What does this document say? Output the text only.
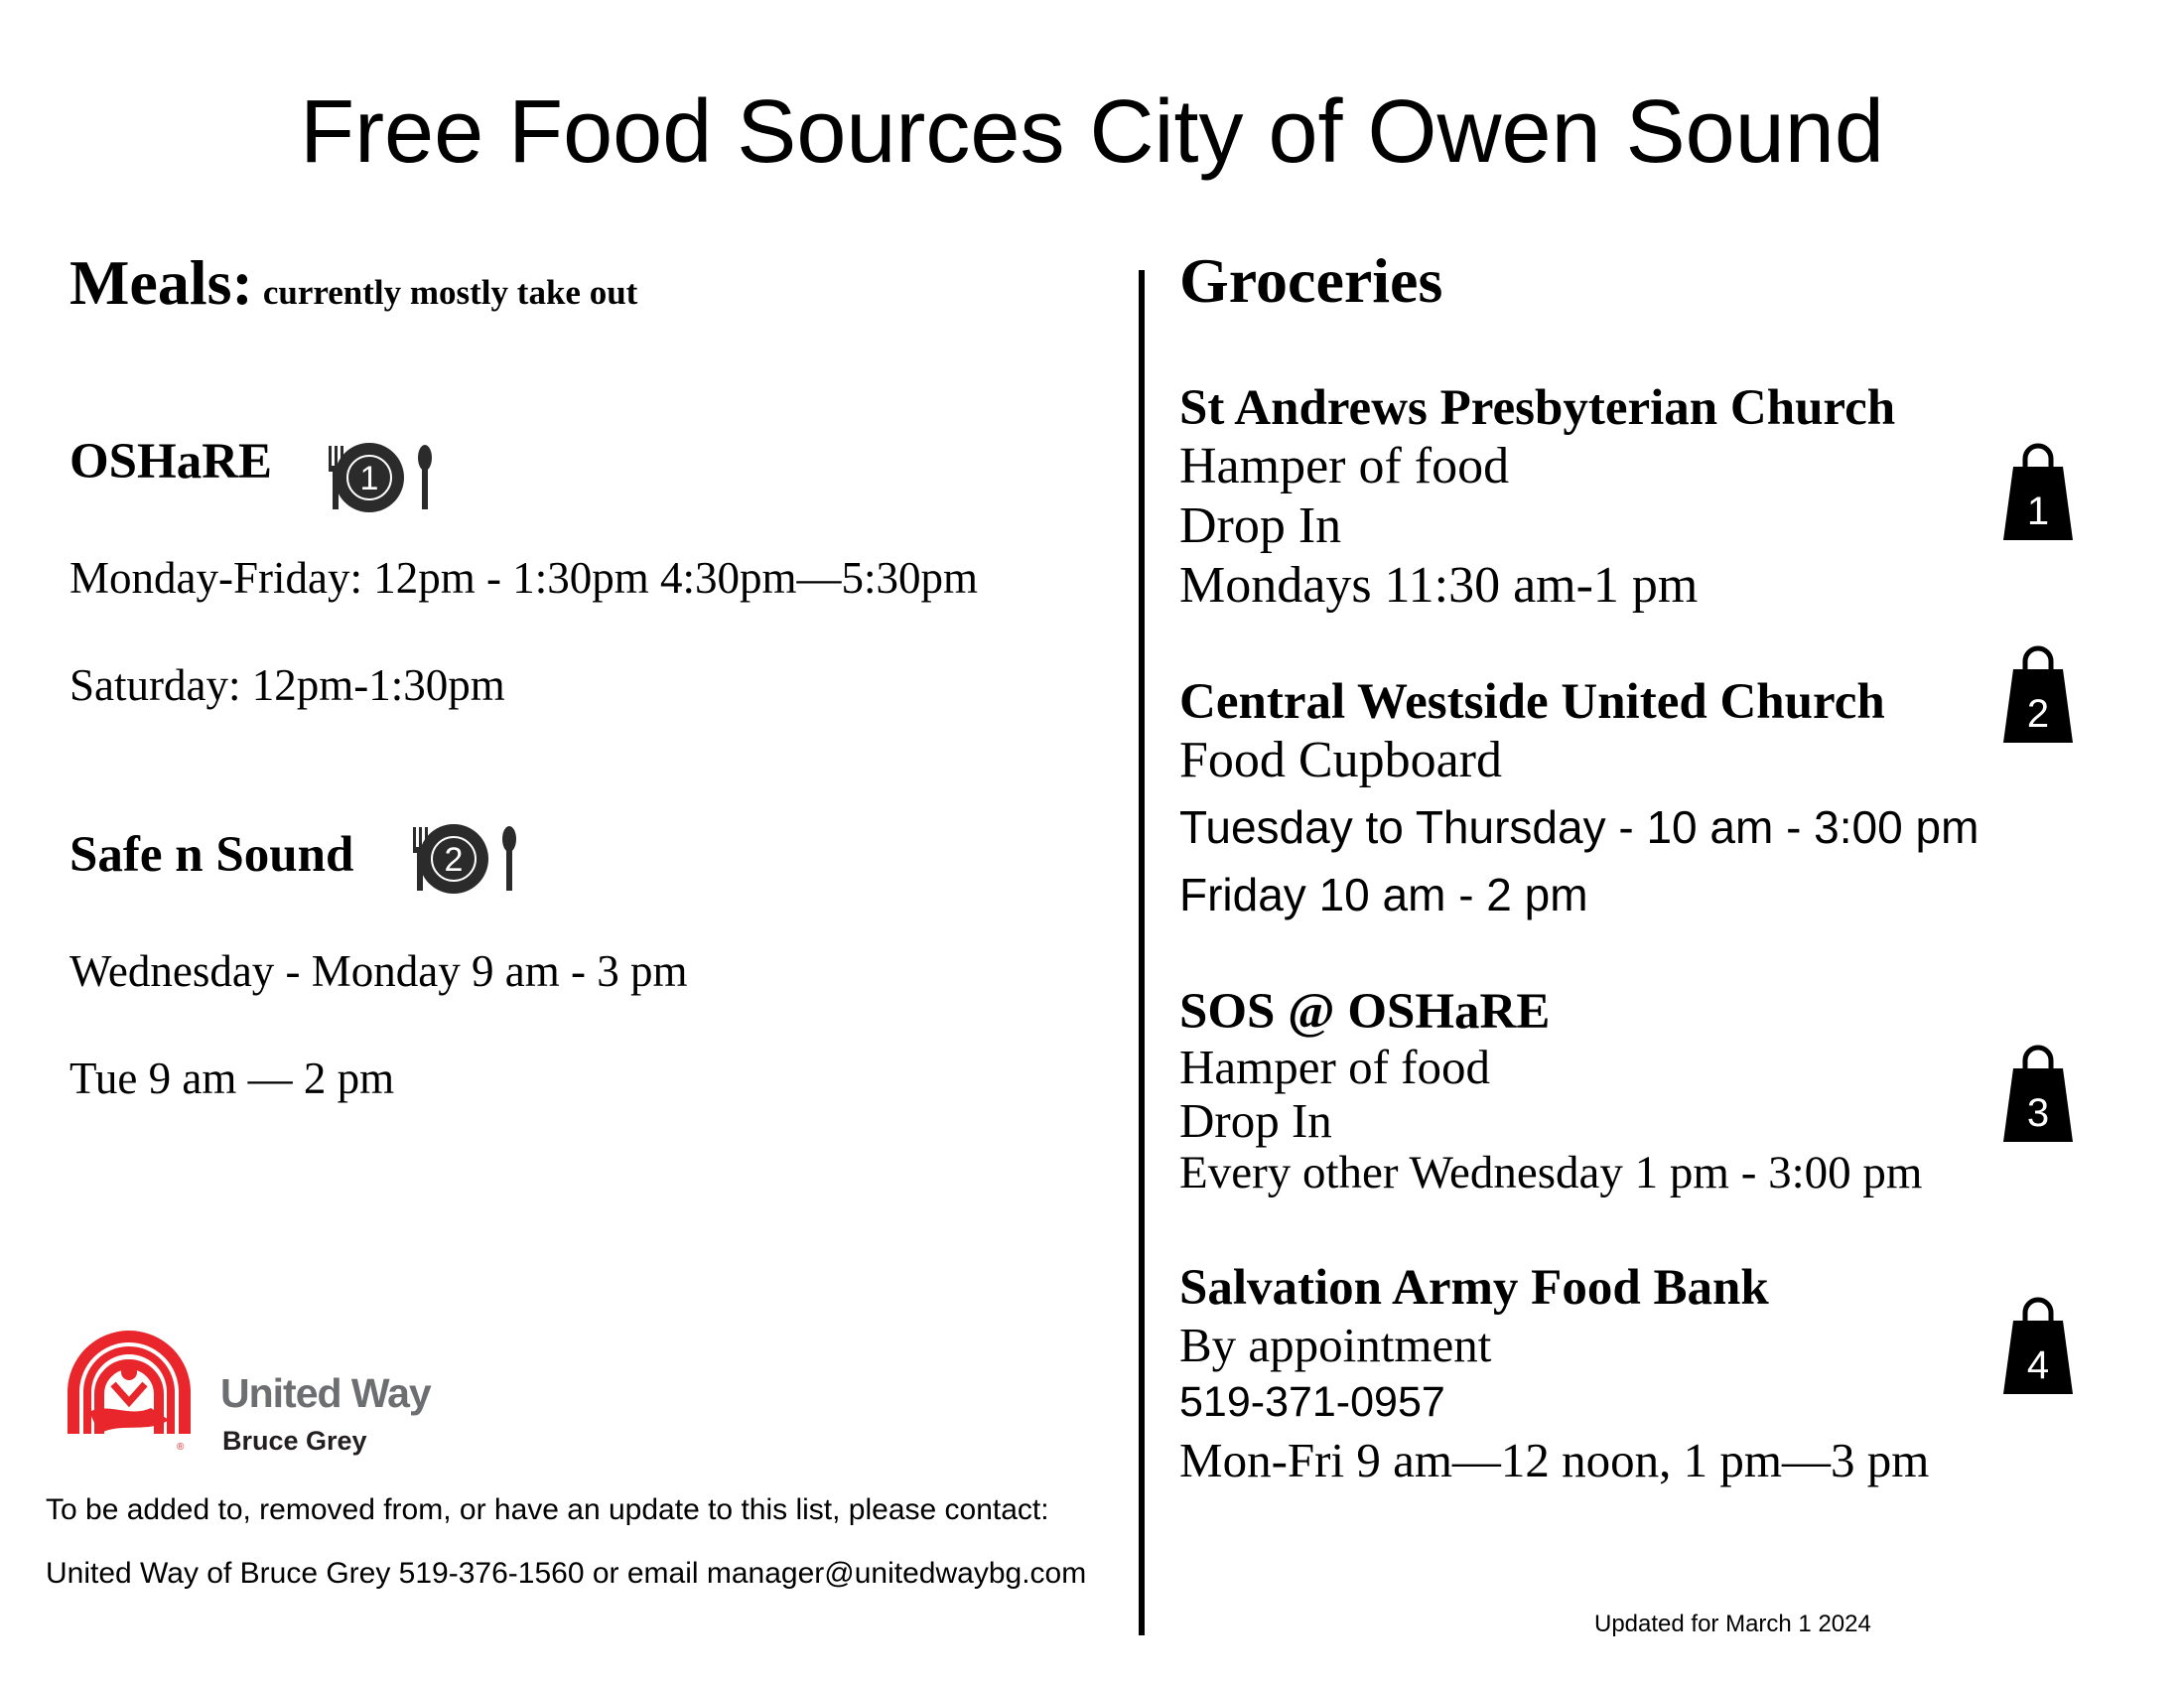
Free Food Sources City of Owen Sound
Meals: currently mostly take out
OSHaRE	1
Monday-Friday: 12pm - 1:30pm 4:30pm—5:30pm
Saturday: 12pm-1:30pm
Safe n Sound	2
Wednesday - Monday 9 am - 3 pm
Tue 9 am — 2 pm
Groceries
St Andrews Presbyterian Church
Hamper of food
Drop In
Mondays 11:30 am-1 pm
1
Central Westside United Church
Food Cupboard
Tuesday to Thursday - 10 am - 3:00 pm
Friday 10 am - 2 pm
2
SOS @ OSHaRE
Hamper of food
Drop In
Every other Wednesday 1 pm - 3:00 pm
3
Salvation Army Food Bank
By appointment
519-371-0957
Mon-Fri 9 am—12 noon, 1 pm—3 pm
4
®
United Way
Bruce Grey
To be added to, removed from, or have an update to this list, please contact:
United Way of Bruce Grey 519-376-1560 or email manager@unitedwaybg.com
Updated for March 1 2024
